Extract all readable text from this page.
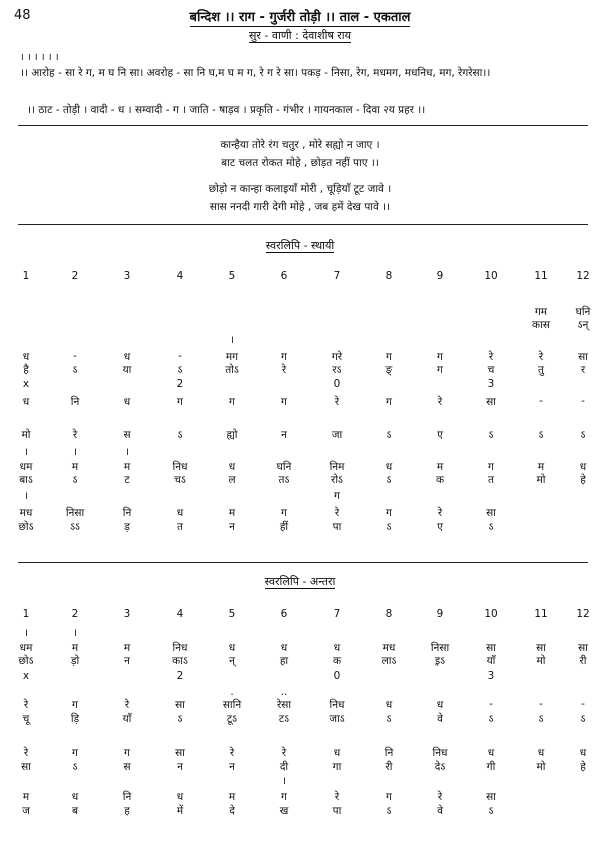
48	बन्दिश ।। राग - गुर्जरी तोड़ी ।। ताल - एकताल
सुर - वाणी : देवाशीष राय
। । । । । ।
।। आरोह - सा रे ग, म घ नि सा। अवरोह - सा नि घ,म घ म ग, रे ग रे सा। पकड़ - निसा, रेग, मधमग, मधनिध, मग, रेगरेसा।।
।। ठाट - तोड़ी । वादी - ध । सम्वादी - ग । जाति - षाड़व । प्रकृति - गंभीर । गायनकाल - दिवा २य प्रहर ।।
कान्हैया तोरे रंग चतुर , मोरे सह्यो न जाए ।
बाट चलत रोकत मोहे , छोड़त नहीं पाए ।।
छोड़ो न कान्हा कलाइयाँ मोरी , चूड़ियाँ टूट जावे ।
सास ननदी गारी देगी मोहे , जब हमें देख पावे ।।
स्वरलिपि - स्थायी
1	2	3	4	5	6	7	8	9	10	11	12
गम	घनि
कास	ऽन्
।
ध	-	ध	-	मग	ग	गरे	ग	ग	रे	रे	सा
है	ऽ	या	ऽ	तोऽ	रे	रऽ	ङ्	ग	च	तु	र
x	2	0	3
ध	नि	ध	ग	ग	ग	रे	ग	रे	सा	-	-
मो	रे	स	ऽ	ह्यो	न	जा	ऽ	ए	ऽ	ऽ	ऽ
।	।	।
धम	म	म	निध	ध	घनि	निम	ध	म	ग	म	ध
बाऽ	ऽ	ट	चऽ	ल	तऽ	रोऽ	ऽ	क	त	मो	हे
।	ग
मध	निसा	नि	ध	म	ग	रे	ग	रे	सा
छोऽ	ऽऽ	ड़	त	न	हीं	पा	ऽ	ए	ऽ
स्वरलिपि - अन्तरा
1	2	3	4	5	6	7	8	9	10	11	12
।	।
धम	म	म	निध	ध	ध	ध	मध	निसा	सा	सा	सा
छोऽ	ड़ो	न	काऽ	न्	हा	क	लाऽ	इ़ऽ	याँ	मो	री
x	2	0	3
.	..
रे	ग	रे	सा	सानि	रेसा	निध	ध	ध	-	-	-
चू	ड़ि	याँ	ऽ	टूऽ	टऽ	जाऽ	ऽ	वे	ऽ	ऽ	ऽ
रे	ग	ग	सा	रे	रे	ध	नि	निध	ध	ध	ध
सा	ऽ	स	न	न	दी	गा	री	देऽ	गी	मो	हे
।
म	ध	नि	ध	म	ग	रे	ग	रे	सा
ज	ब	ह	में	दे	ख	पा	ऽ	वे	ऽ
